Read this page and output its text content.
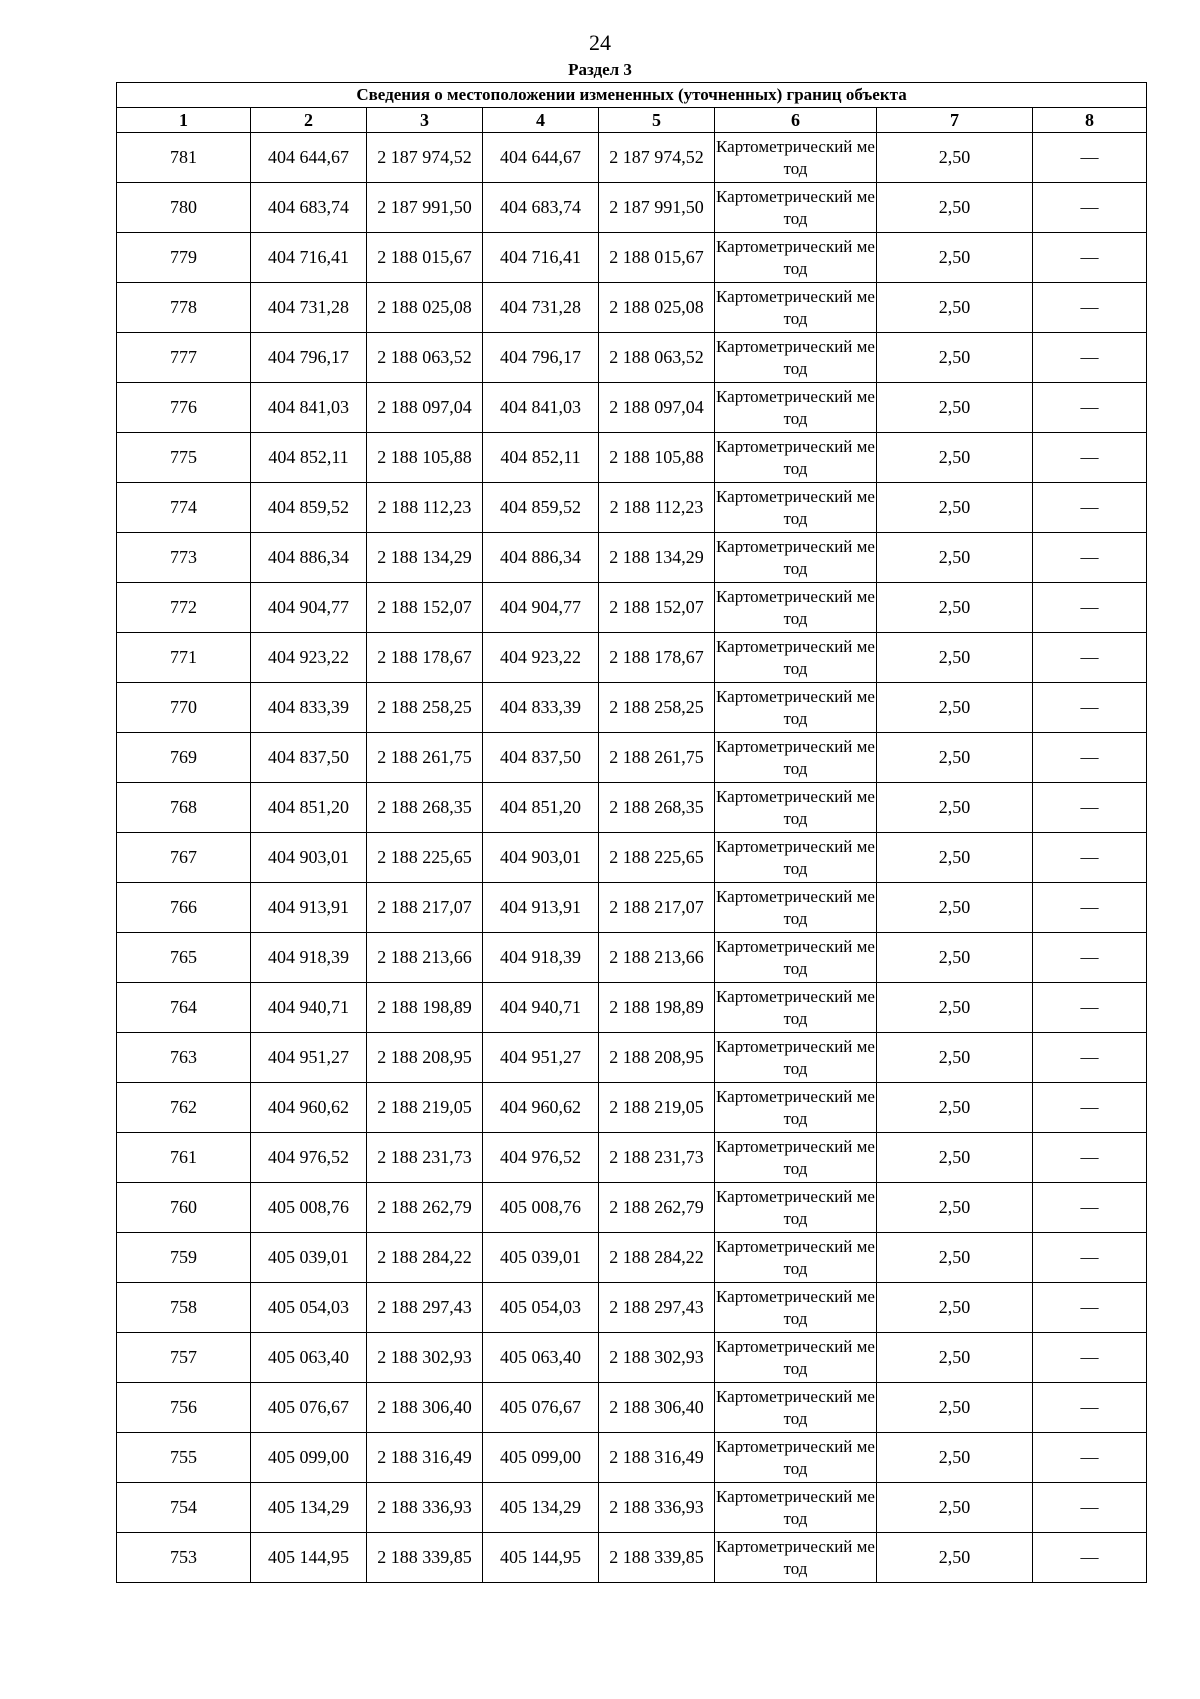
24
Раздел 3
Сведения о местоположении измененных (уточненных) границ объекта							
1	2	3	4	5	6	7	8
781	404 644,67	2 187 974,52	404 644,67	2 187 974,52	Картометрический метод	2,50	—
780	404 683,74	2 187 991,50	404 683,74	2 187 991,50	Картометрический метод	2,50	—
779	404 716,41	2 188 015,67	404 716,41	2 188 015,67	Картометрический метод	2,50	—
778	404 731,28	2 188 025,08	404 731,28	2 188 025,08	Картометрический метод	2,50	—
777	404 796,17	2 188 063,52	404 796,17	2 188 063,52	Картометрический метод	2,50	—
776	404 841,03	2 188 097,04	404 841,03	2 188 097,04	Картометрический метод	2,50	—
775	404 852,11	2 188 105,88	404 852,11	2 188 105,88	Картометрический метод	2,50	—
774	404 859,52	2 188 112,23	404 859,52	2 188 112,23	Картометрический метод	2,50	—
773	404 886,34	2 188 134,29	404 886,34	2 188 134,29	Картометрический метод	2,50	—
772	404 904,77	2 188 152,07	404 904,77	2 188 152,07	Картометрический метод	2,50	—
771	404 923,22	2 188 178,67	404 923,22	2 188 178,67	Картометрический метод	2,50	—
770	404 833,39	2 188 258,25	404 833,39	2 188 258,25	Картометрический метод	2,50	—
769	404 837,50	2 188 261,75	404 837,50	2 188 261,75	Картометрический метод	2,50	—
768	404 851,20	2 188 268,35	404 851,20	2 188 268,35	Картометрический метод	2,50	—
767	404 903,01	2 188 225,65	404 903,01	2 188 225,65	Картометрический метод	2,50	—
766	404 913,91	2 188 217,07	404 913,91	2 188 217,07	Картометрический метод	2,50	—
765	404 918,39	2 188 213,66	404 918,39	2 188 213,66	Картометрический метод	2,50	—
764	404 940,71	2 188 198,89	404 940,71	2 188 198,89	Картометрический метод	2,50	—
763	404 951,27	2 188 208,95	404 951,27	2 188 208,95	Картометрический метод	2,50	—
762	404 960,62	2 188 219,05	404 960,62	2 188 219,05	Картометрический метод	2,50	—
761	404 976,52	2 188 231,73	404 976,52	2 188 231,73	Картометрический метод	2,50	—
760	405 008,76	2 188 262,79	405 008,76	2 188 262,79	Картометрический метод	2,50	—
759	405 039,01	2 188 284,22	405 039,01	2 188 284,22	Картометрический метод	2,50	—
758	405 054,03	2 188 297,43	405 054,03	2 188 297,43	Картометрический метод	2,50	—
757	405 063,40	2 188 302,93	405 063,40	2 188 302,93	Картометрический метод	2,50	—
756	405 076,67	2 188 306,40	405 076,67	2 188 306,40	Картометрический метод	2,50	—
755	405 099,00	2 188 316,49	405 099,00	2 188 316,49	Картометрический метод	2,50	—
754	405 134,29	2 188 336,93	405 134,29	2 188 336,93	Картометрический метод	2,50	—
753	405 144,95	2 188 339,85	405 144,95	2 188 339,85	Картометрический метод	2,50	—
